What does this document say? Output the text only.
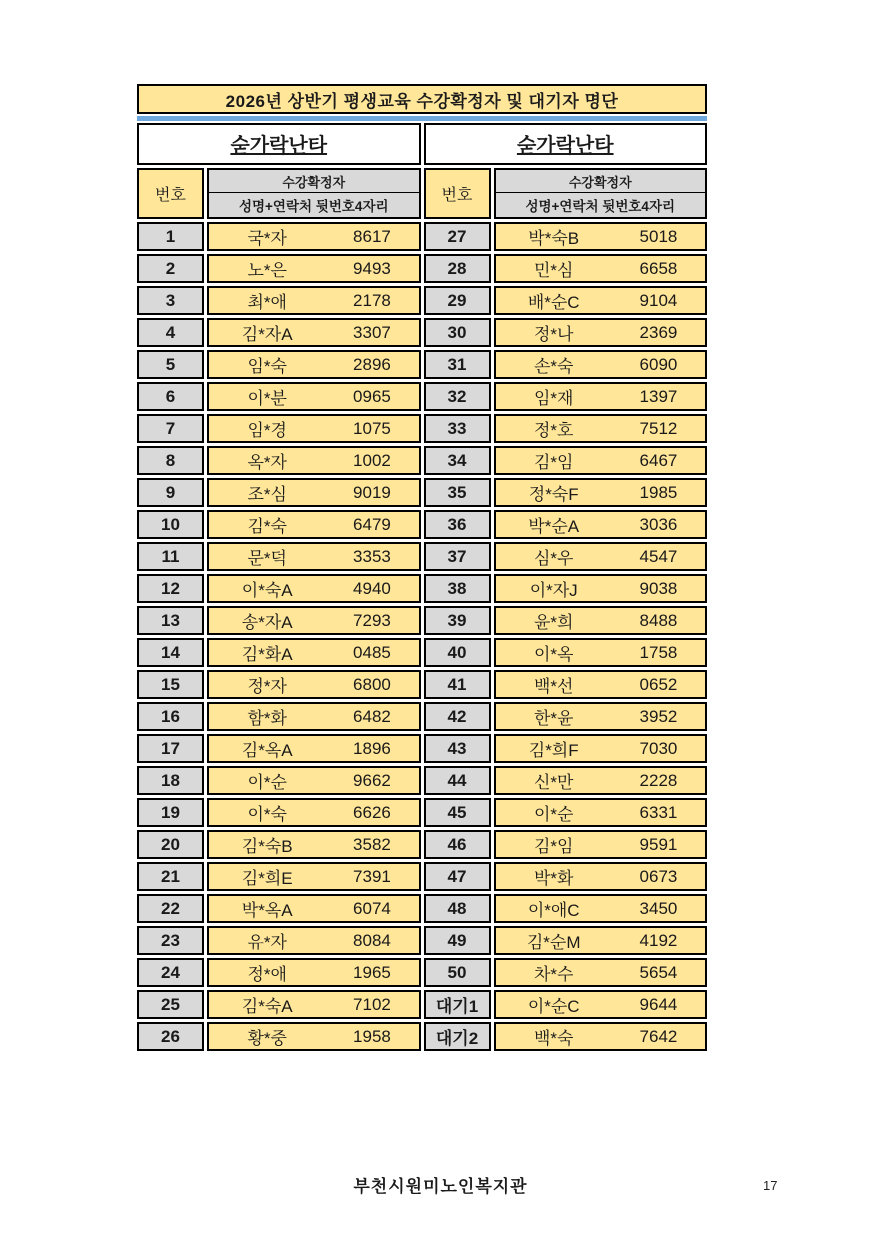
2026년 상반기 평생교육 수강확정자 및 대기자 명단
숟가락난타
번호
수강확정자
성명+연락처 뒷번호4자리
1	국*자	8617
2	노*은	9493
3	최*애	2178
4	김*자A	3307
5	임*숙	2896
6	이*분	0965
7	임*경	1075
8	옥*자	1002
9	조*심	9019
10	김*숙	6479
11	문*덕	3353
12	이*숙A	4940
13	송*자A	7293
14	김*화A	0485
15	정*자	6800
16	함*화	6482
17	김*옥A	1896
18	이*순	9662
19	이*숙	6626
20	김*숙B	3582
21	김*희E	7391
22	박*옥A	6074
23	유*자	8084
24	정*애	1965
25	김*숙A	7102
26	황*중	1958
숟가락난타
번호
수강확정자
성명+연락처 뒷번호4자리
27	박*숙B	5018
28	민*심	6658
29	배*순C	9104
30	정*나	2369
31	손*숙	6090
32	임*재	1397
33	정*호	7512
34	김*임	6467
35	정*숙F	1985
36	박*순A	3036
37	심*우	4547
38	이*자J	9038
39	윤*희	8488
40	이*옥	1758
41	백*선	0652
42	한*윤	3952
43	김*희F	7030
44	신*만	2228
45	이*순	6331
46	김*임	9591
47	박*화	0673
48	이*애C	3450
49	김*순M	4192
50	차*수	5654
대기1	이*순C	9644
대기2	백*숙	7642
부천시원미노인복지관	17
